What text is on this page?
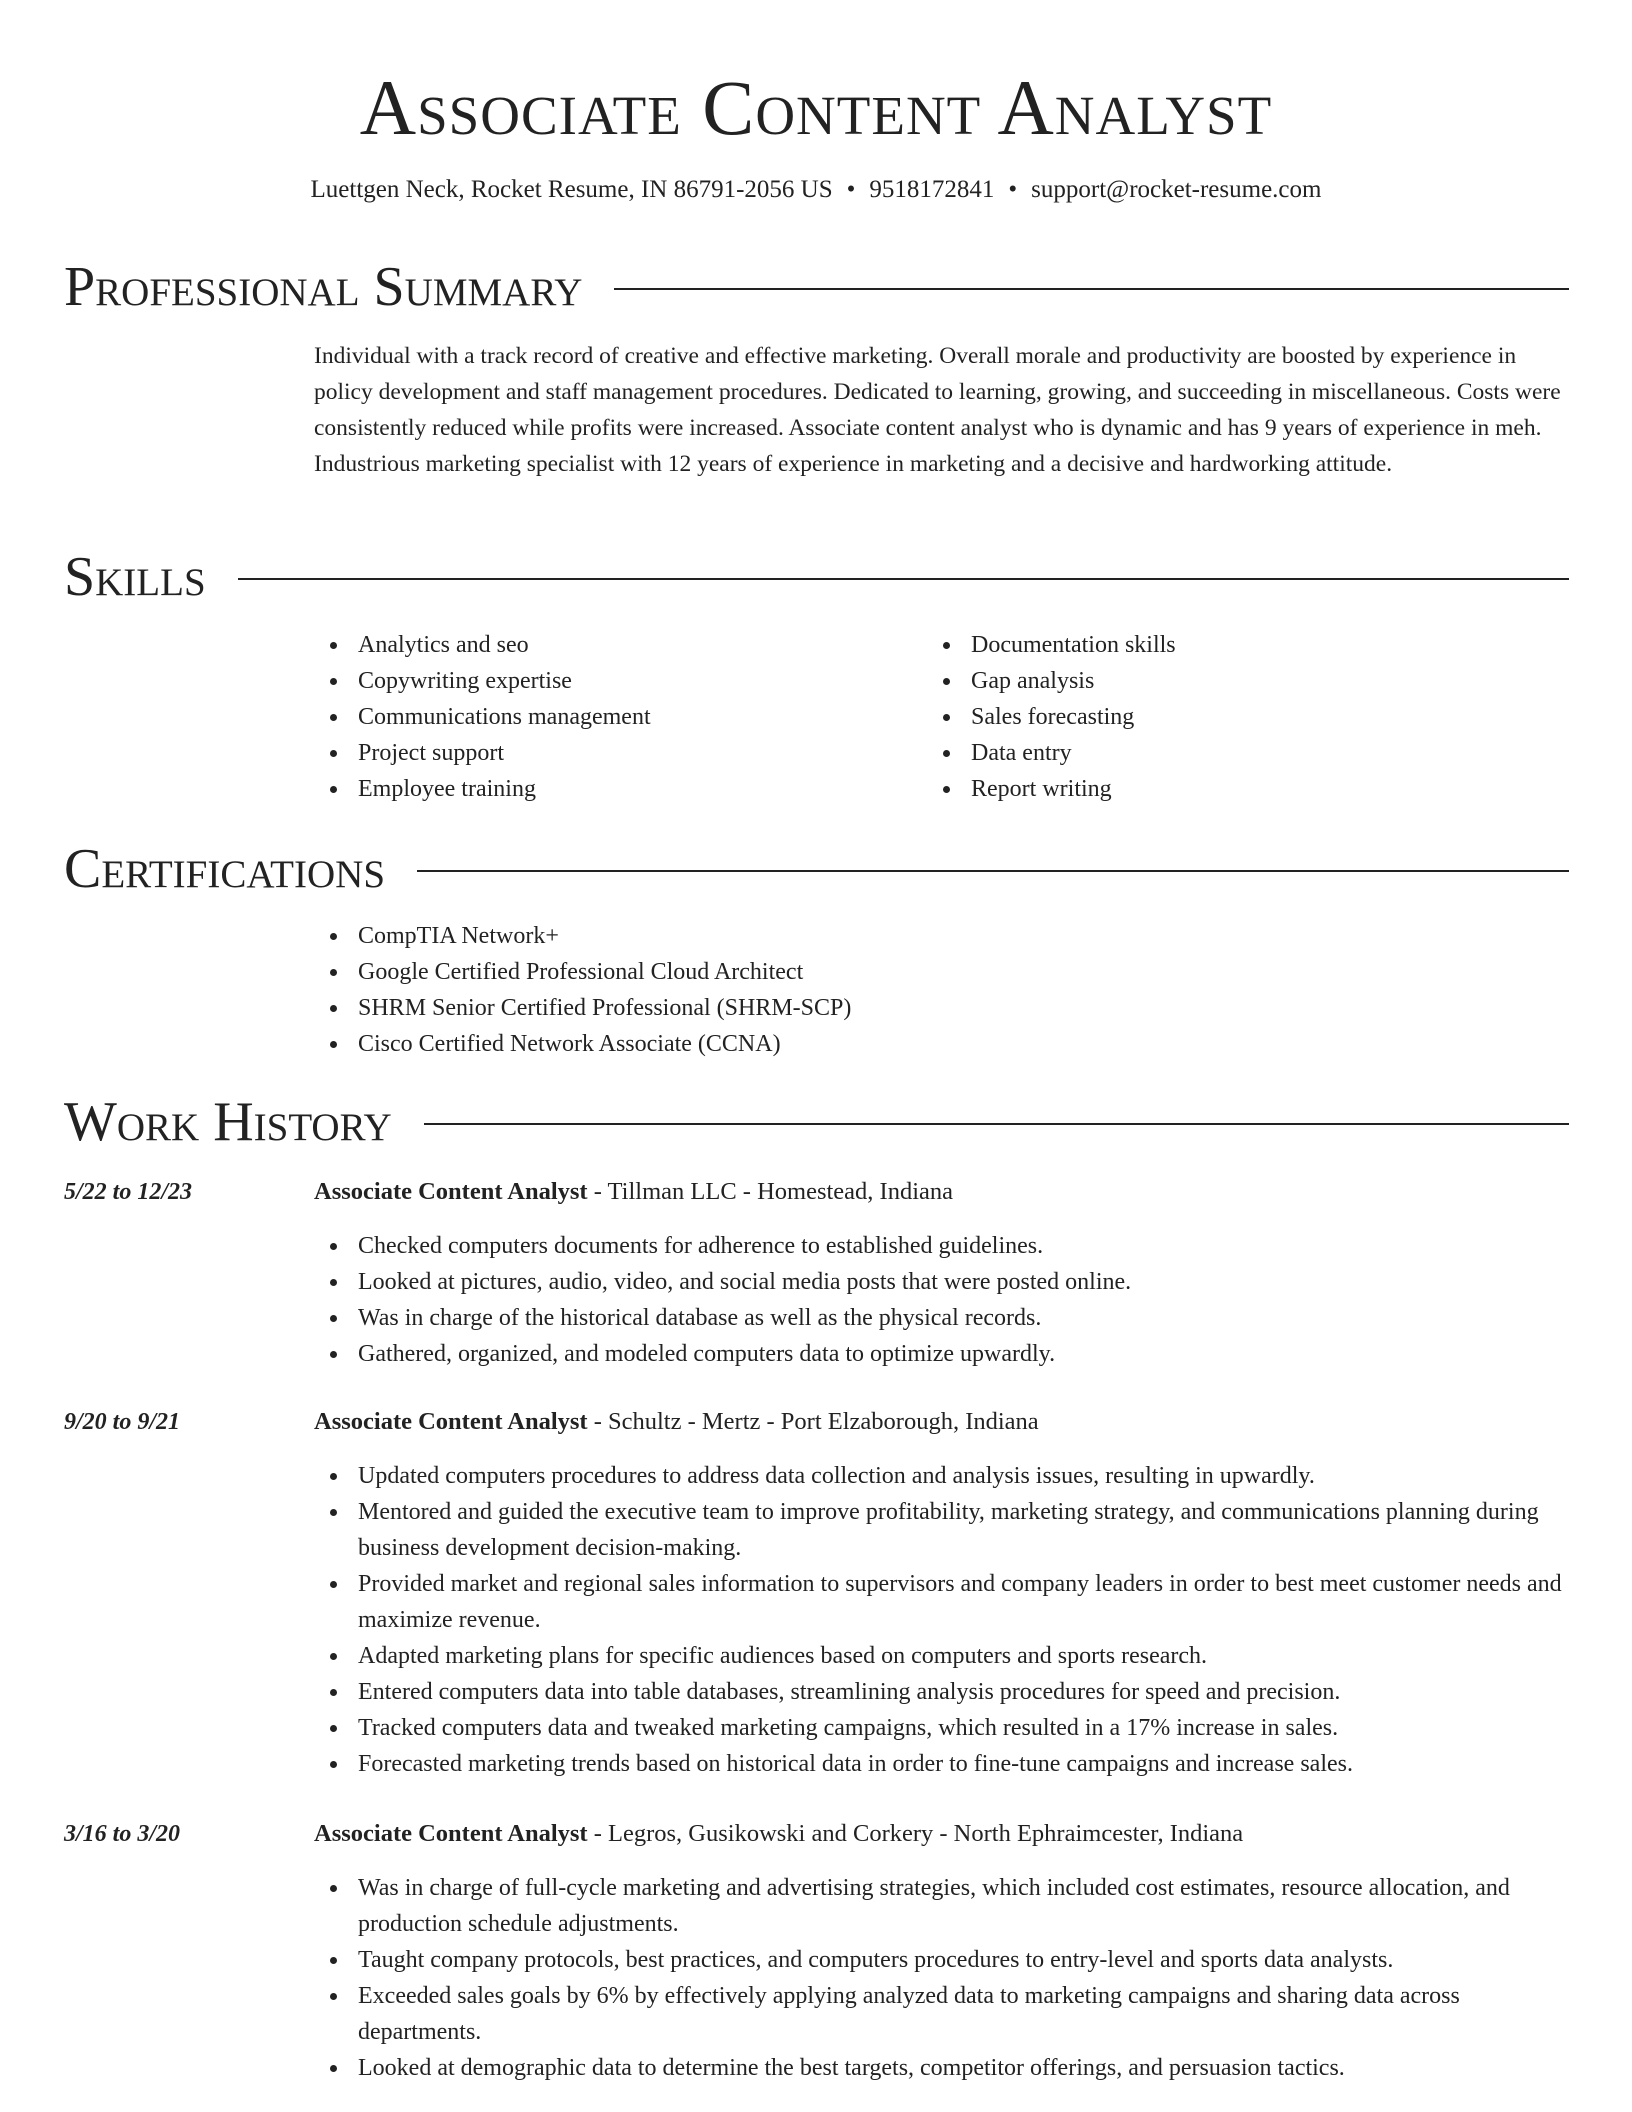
Associate Content Analyst
Luettgen Neck, Rocket Resume, IN 86791-2056 US • 9518172841 • support@rocket-resume.com
Professional Summary

Individual with a track record of creative and effective marketing. Overall morale and productivity are boosted by experience in policy development and staff management procedures. Dedicated to learning, growing, and succeeding in miscellaneous. Costs were consistently reduced while profits were increased. Associate content analyst who is dynamic and has 9 years of experience in meh. Industrious marketing specialist with 12 years of experience in marketing and a decisive and hardworking attitude.

Skills
Analytics and seo
Copywriting expertise
Communications management
Project support
Employee training
Documentation skills
Gap analysis
Sales forecasting
Data entry
Report writing
Certifications
CompTIA Network+
Google Certified Professional Cloud Architect
SHRM Senior Certified Professional (SHRM-SCP)
Cisco Certified Network Associate (CCNA)
Work History
5/22 to 12/23	Associate Content Analyst - Tillman LLC - Homestead, Indiana
Checked computers documents for adherence to established guidelines.
Looked at pictures, audio, video, and social media posts that were posted online.
Was in charge of the historical database as well as the physical records.
Gathered, organized, and modeled computers data to optimize upwardly.
9/20 to 9/21	Associate Content Analyst - Schultz - Mertz - Port Elzaborough, Indiana
Updated computers procedures to address data collection and analysis issues, resulting in upwardly.
Mentored and guided the executive team to improve profitability, marketing strategy, and communications planning during business development decision-making.
Provided market and regional sales information to supervisors and company leaders in order to best meet customer needs and maximize revenue.
Adapted marketing plans for specific audiences based on computers and sports research.
Entered computers data into table databases, streamlining analysis procedures for speed and precision.
Tracked computers data and tweaked marketing campaigns, which resulted in a 17% increase in sales.
Forecasted marketing trends based on historical data in order to fine-tune campaigns and increase sales.
3/16 to 3/20	Associate Content Analyst - Legros, Gusikowski and Corkery - North Ephraimcester, Indiana
Was in charge of full-cycle marketing and advertising strategies, which included cost estimates, resource allocation, and production schedule adjustments.
Taught company protocols, best practices, and computers procedures to entry-level and sports data analysts.
Exceeded sales goals by 6% by effectively applying analyzed data to marketing campaigns and sharing data across departments.
Looked at demographic data to determine the best targets, competitor offerings, and persuasion tactics.
